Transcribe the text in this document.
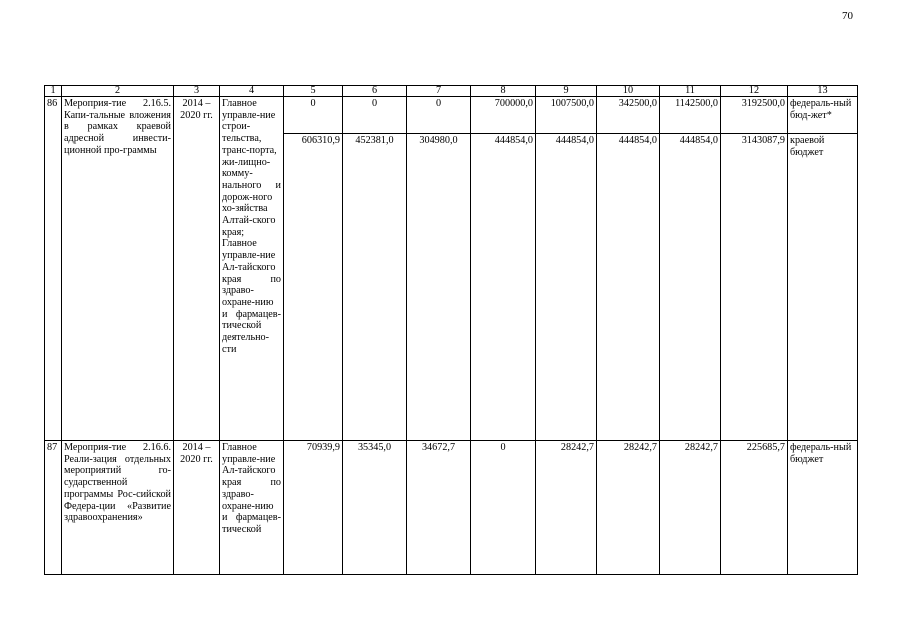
70
1	2	3	4	5	6	7	8	9	10	11	12	13
86	Мероприя-тие 2.16.5. Капи-тальные вложения в рамках краевой адресной инвести-ционной про-граммы	2014 – 2020 гг.	Главное управле-ние строи-тельства, транс-порта, жи-лищно-комму-нального и дорож-ного хо-зяйства Алтай-ского края; Главное управле-ние Ал-тайского края по здраво-охране-нию и фармацев-тической деятельно-сти	0	0	0	700000,0	1007500,0	342500,0	1142500,0	3192500,0	федераль-ный бюд-жет*
				606310,9	452381,0	304980,0	444854,0	444854,0	444854,0	444854,0	3143087,9	краевой бюджет
87	Мероприя-тие 2.16.6. Реали-зация отдельных мероприятий го-сударственной программы Рос-сийской Федера-ции «Развитие здравоохранения»	2014 – 2020 гг.	Главное управле-ние Ал-тайского края по здраво-охране-нию и фармацев-тической	70939,9	35345,0	34672,7	0	28242,7	28242,7	28242,7	225685,7	федераль-ный бюджет
